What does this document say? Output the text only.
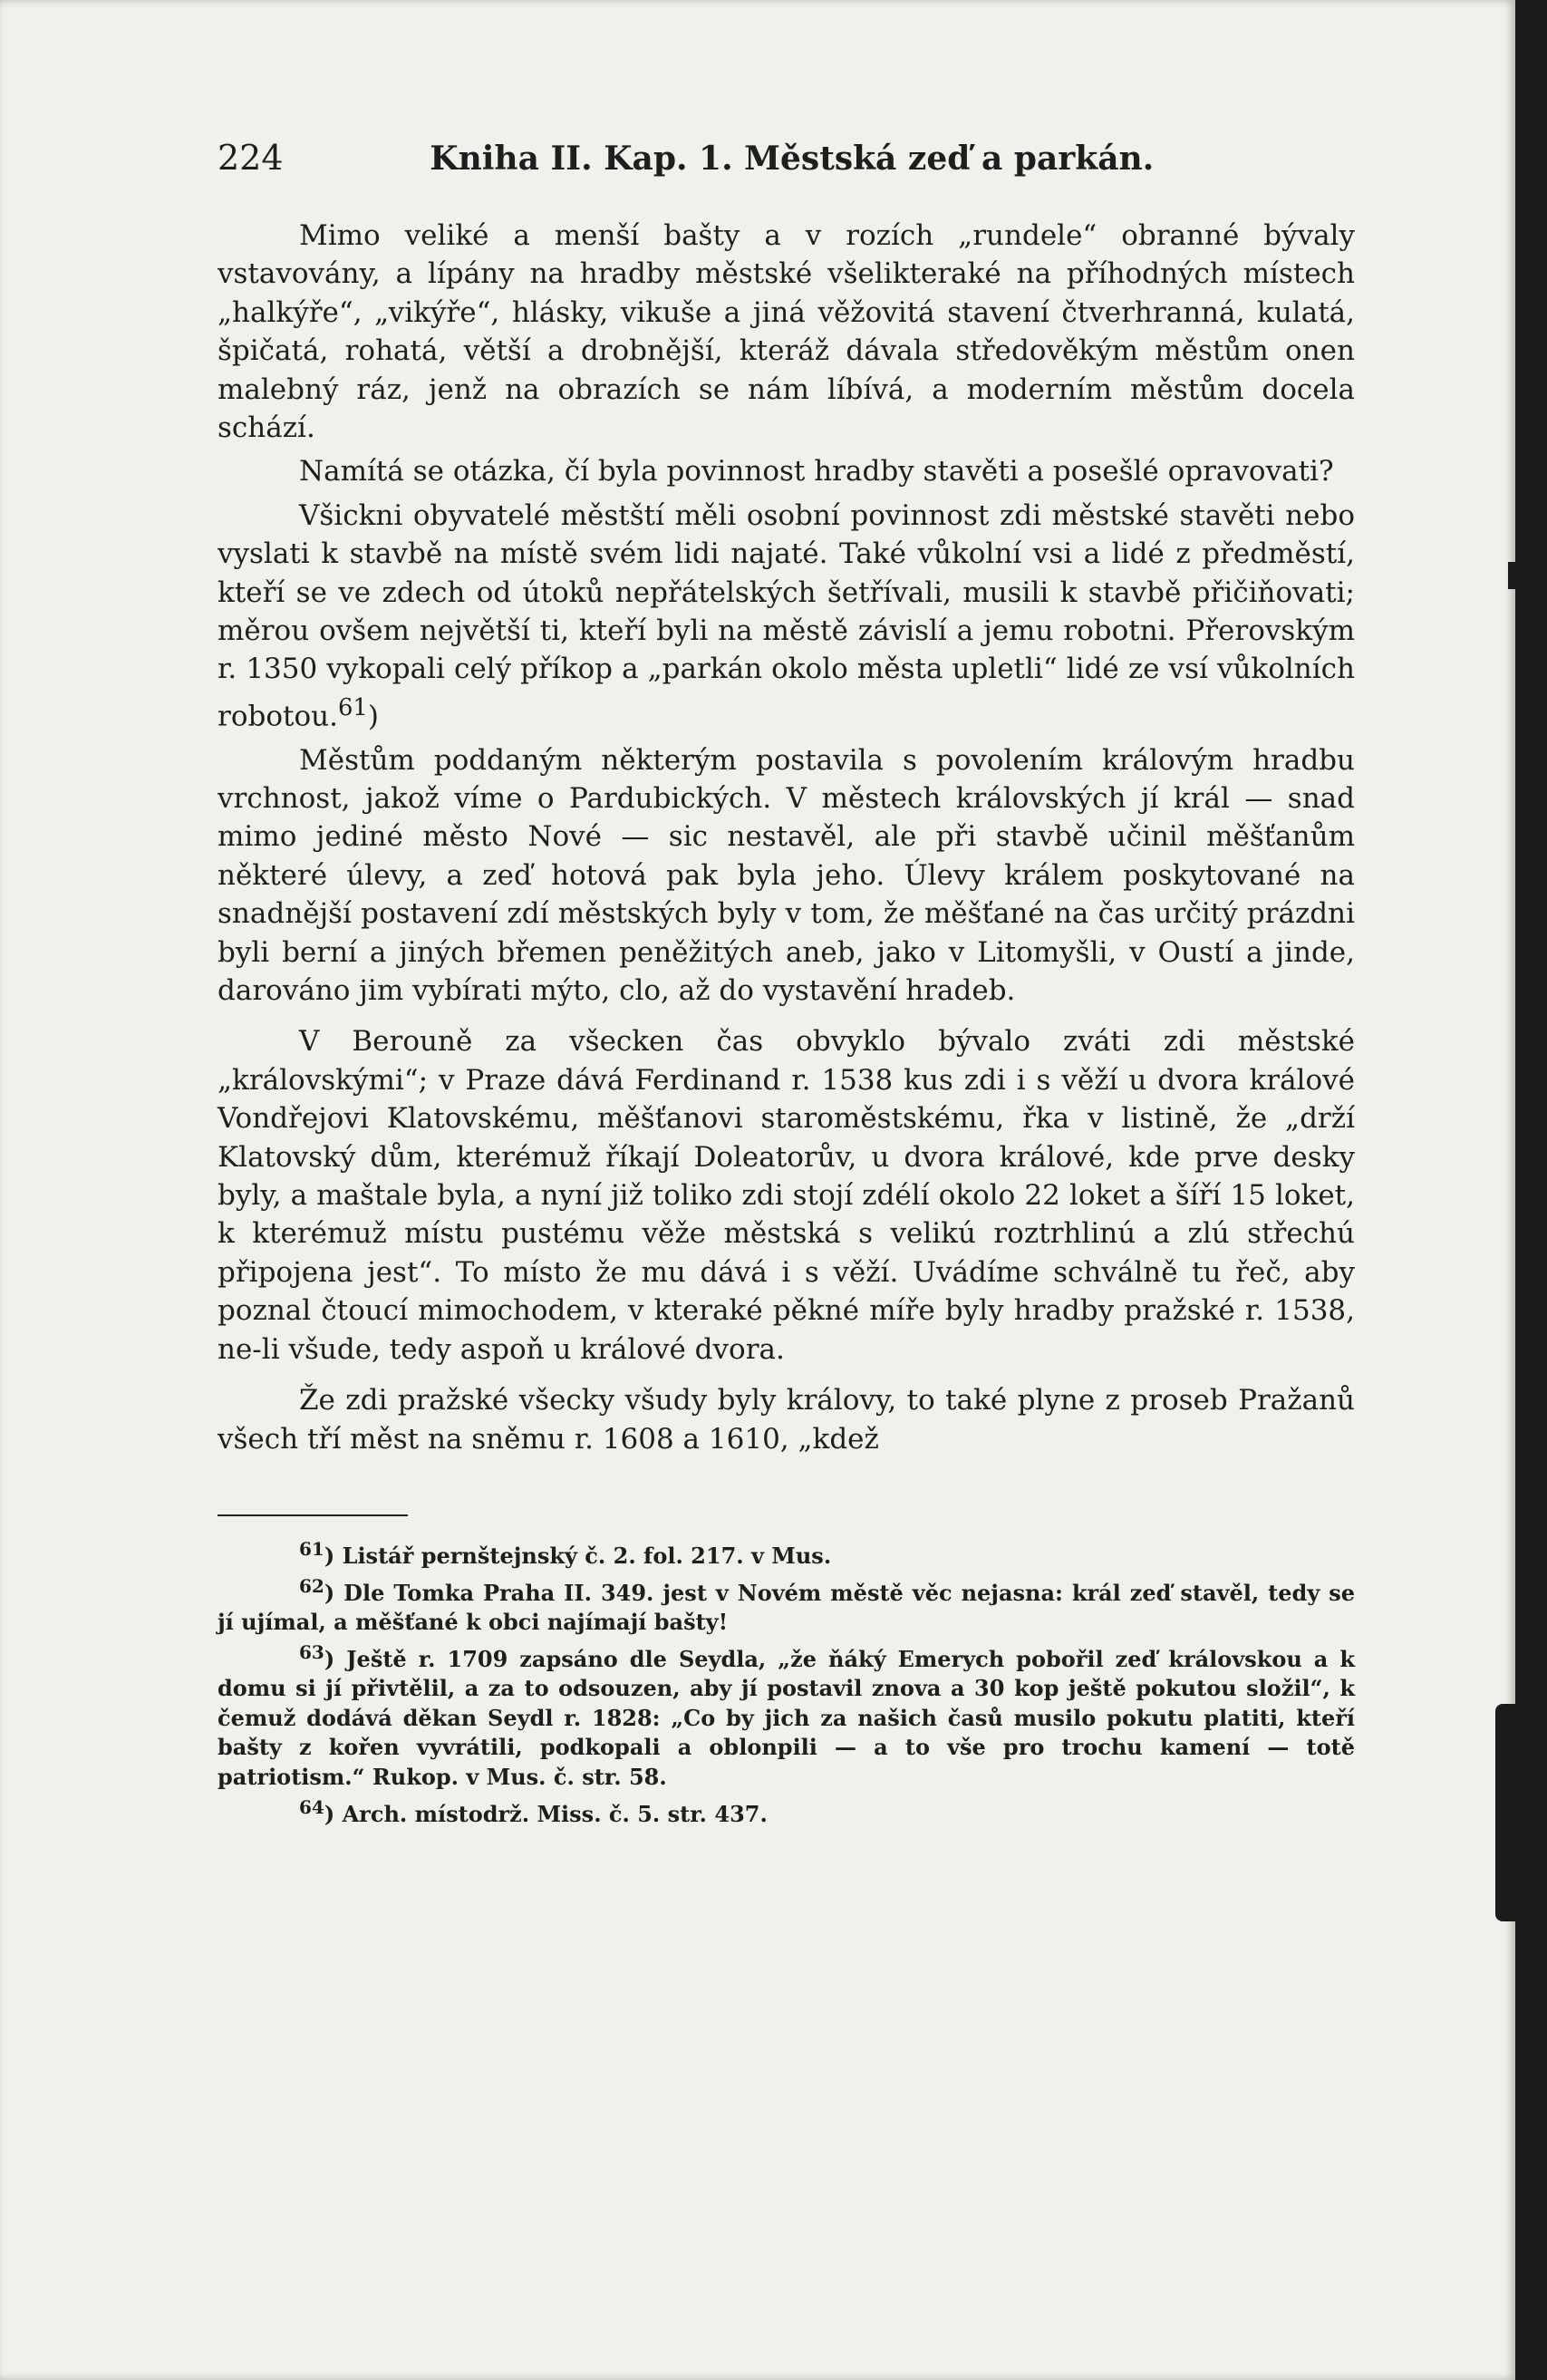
224	Kniha II. Kap. 1. Městská zeď a parkán.

Mimo veliké a menší bašty a v rozích „rundele“ obranné bývaly vstavovány, a lípány na hradby městské všelikteraké na příhodných místech „halkýře“, „vikýře“, hlásky, vikuše a jiná věžovitá stavení čtverhranná, kulatá, špičatá, rohatá, větší a drobnější, kteráž dávala středověkým městům onen malebný ráz, jenž na obrazích se nám líbívá, a moderním městům docela schází.

Namítá se otázka, čí byla povinnost hradby stavěti a posešlé opravovati?

Všickni obyvatelé městští měli osobní povinnost zdi městské stavěti nebo vyslati k stavbě na místě svém lidi najaté. Také vůkolní vsi a lidé z předměstí, kteří se ve zdech od útoků nepřátelských šetřívali, musili k stavbě přičiňovati; měrou ovšem největší ti, kteří byli na městě závislí a jemu robotni. Přerovským r. 1350 vykopali celý příkop a „parkán okolo města upletli“ lidé ze vsí vůkolních robotou.$^{61}$)

Městům poddaným některým postavila s povolením královým hradbu vrchnost, jakož víme o Pardubických. V městech královských jí král — snad mimo jediné město Nové — sic nestavěl, ale při stavbě učinil měšťanům některé úlevy, a zeď hotová pak byla jeho. Úlevy králem poskytované na snadnější postavení zdí městských byly v tom, že měšťané na čas určitý prázdni byli berní a jiných břemen peněžitých aneb, jako v Litomyšli, v Oustí a jinde, darováno jim vybírati mýto, clo, až do vystavění hradeb.

V Berouně za všecken čas obvyklo bývalo zváti zdi městské „královskými“; v Praze dává Ferdinand r. 1538 kus zdi i s věží u dvora králové Vondřejovi Klatovskému, měšťanovi staroměstskému, řka v listině, že „drží Klatovský dům, kterémuž říkají Doleatorův, u dvora králové, kde prve desky byly, a maštale byla, a nyní již toliko zdi stojí zdélí okolo 22 loket a šíří 15 loket, k kterémuž místu pustému věže městská s velikú roztrhlinú a zlú střechú připojena jest“. To místo že mu dává i s věží. Uvádíme schválně tu řeč, aby poznal čtoucí mimochodem, v kteraké pěkné míře byly hradby pražské r. 1538, ne-li všude, tedy aspoň u králové dvora.

Že zdi pražské všecky všudy byly královy, to také plyne z proseb Pražanů všech tří měst na sněmu r. 1608 a 1610, „kdež

$^{61}$) Listář pernštejnský č. 2. fol. 217. v Mus.

$^{62}$) Dle Tomka Praha II. 349. jest v Novém městě věc nejasna: král zeď stavěl, tedy se jí ujímal, a měšťané k obci najímají bašty!

$^{63}$) Ještě r. 1709 zapsáno dle Seydla, „že ňáký Emerych pobořil zeď královskou a k domu si jí přivtělil, a za to odsouzen, aby jí postavil znova a 30 kop ještě pokutou složil“, k čemuž dodává děkan Seydl r. 1828: „Co by jich za našich časů musilo pokutu platiti, kteří bašty z kořen vyvrátili, podkopali a oblonpili — a to vše pro trochu kamení — totě patriotism.“ Rukop. v Mus. č. str. 58.

$^{64}$) Arch. místodrž. Miss. č. 5. str. 437.
